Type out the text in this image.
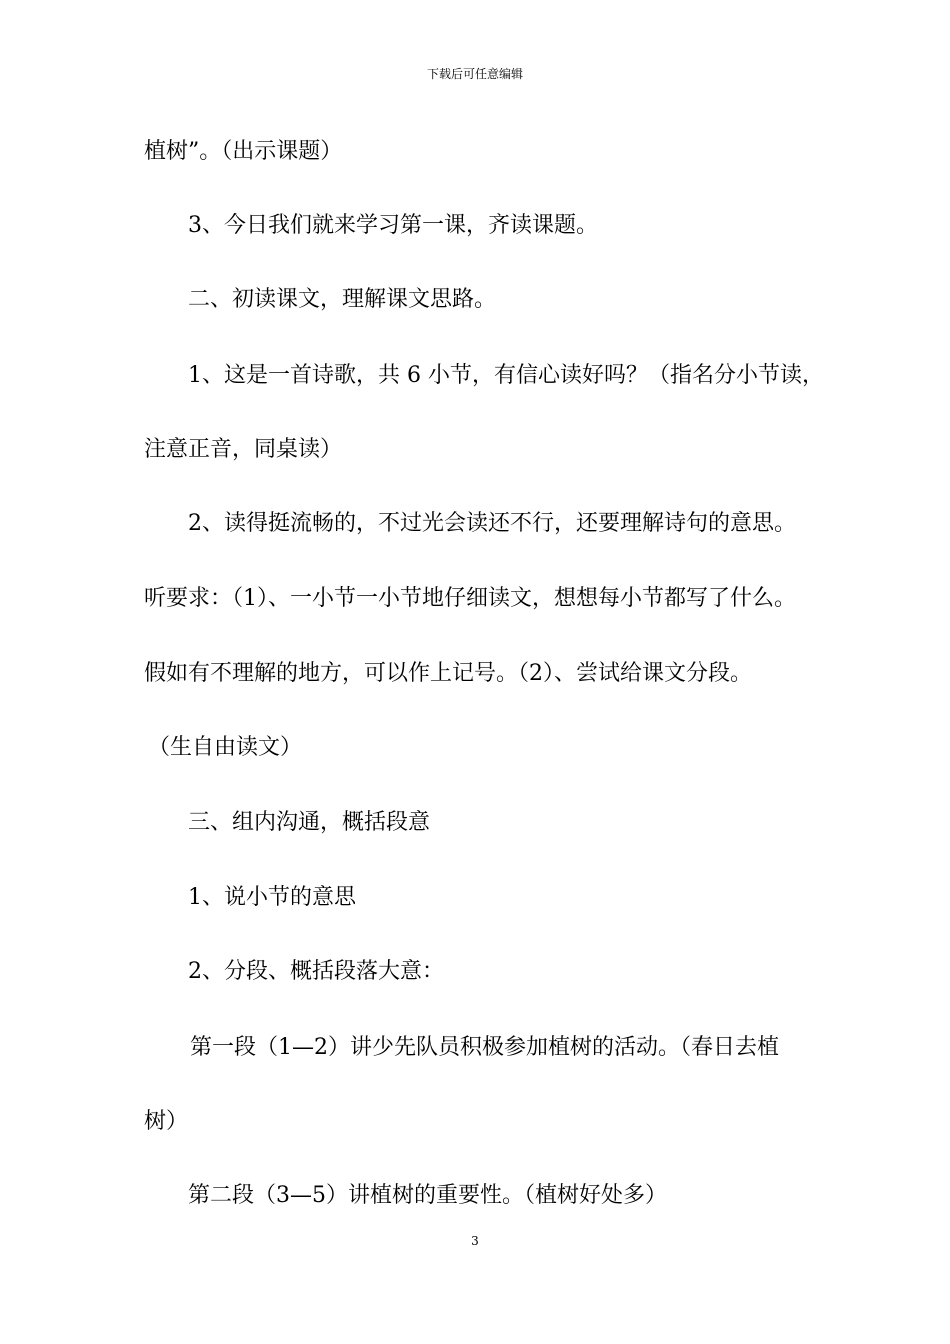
下载后可任意编辑
植树”。（出示课题）
3、今日我们就来学习第一课，齐读课题。
二、初读课文，理解课文思路。
1、这是一首诗歌，共 6 小节，有信心读好吗？（指名分小节读，
注意正音，同桌读）
2、读得挺流畅的，不过光会读还不行，还要理解诗句的意思。
听要求：（1）、一小节一小节地仔细读文，想想每小节都写了什么。
假如有不理解的地方，可以作上记号。（2）、尝试给课文分段。
（生自由读文）
三、组内沟通，概括段意
1、说小节的意思
2、分段、概括段落大意：
第一段（1—2）讲少先队员积极参加植树的活动。（春日去植
树）
第二段（3—5）讲植树的重要性。（植树好处多）
3
